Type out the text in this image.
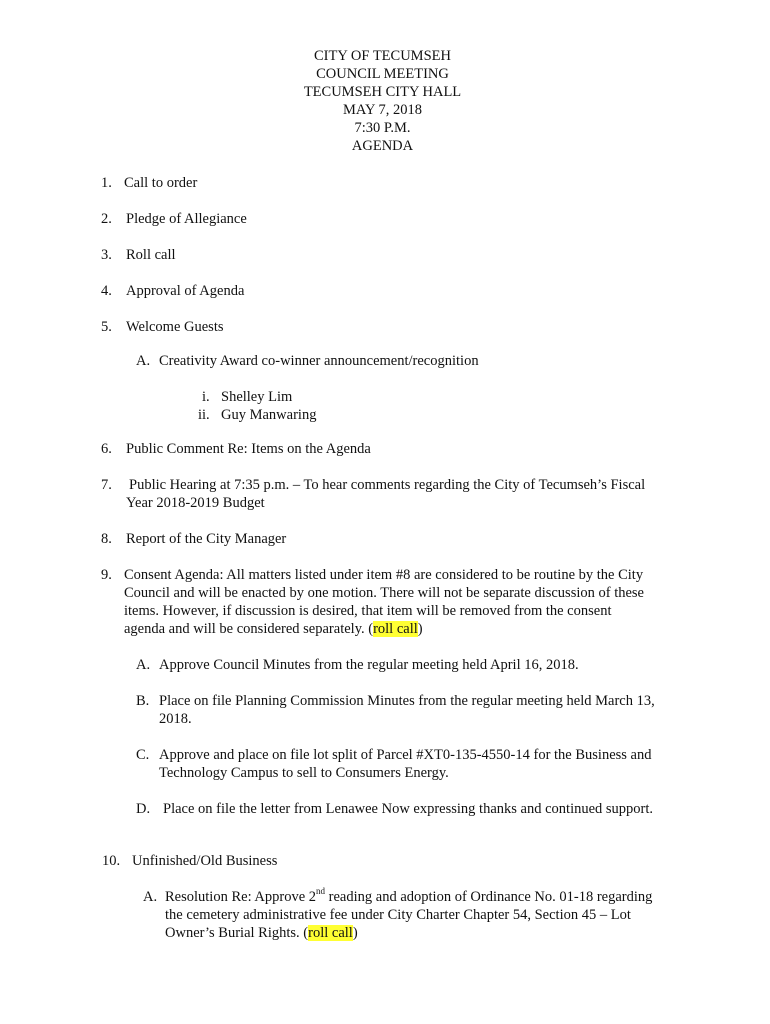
CITY OF TECUMSEH
COUNCIL MEETING
TECUMSEH CITY HALL
MAY 7, 2018
7:30 P.M.
AGENDA
1. Call to order
2. Pledge of Allegiance
3. Roll call
4. Approval of Agenda
5. Welcome Guests
A. Creativity Award co-winner announcement/recognition
i. Shelley Lim
ii. Guy Manwaring
6. Public Comment Re: Items on the Agenda
7. Public Hearing at 7:35 p.m. – To hear comments regarding the City of Tecumseh’s Fiscal
Year 2018-2019 Budget
8. Report of the City Manager
9. Consent Agenda: All matters listed under item #8 are considered to be routine by the City
Council and will be enacted by one motion. There will not be separate discussion of these
items. However, if discussion is desired, that item will be removed from the consent
agenda and will be considered separately. (roll call)
A. Approve Council Minutes from the regular meeting held April 16, 2018.
B. Place on file Planning Commission Minutes from the regular meeting held March 13,
2018.
C. Approve and place on file lot split of Parcel #XT0-135-4550-14 for the Business and
Technology Campus to sell to Consumers Energy.
D. Place on file the letter from Lenawee Now expressing thanks and continued support.
10. Unfinished/Old Business
A. Resolution Re: Approve 2nd reading and adoption of Ordinance No. 01-18 regarding
the cemetery administrative fee under City Charter Chapter 54, Section 45 – Lot
Owner’s Burial Rights. (roll call)
